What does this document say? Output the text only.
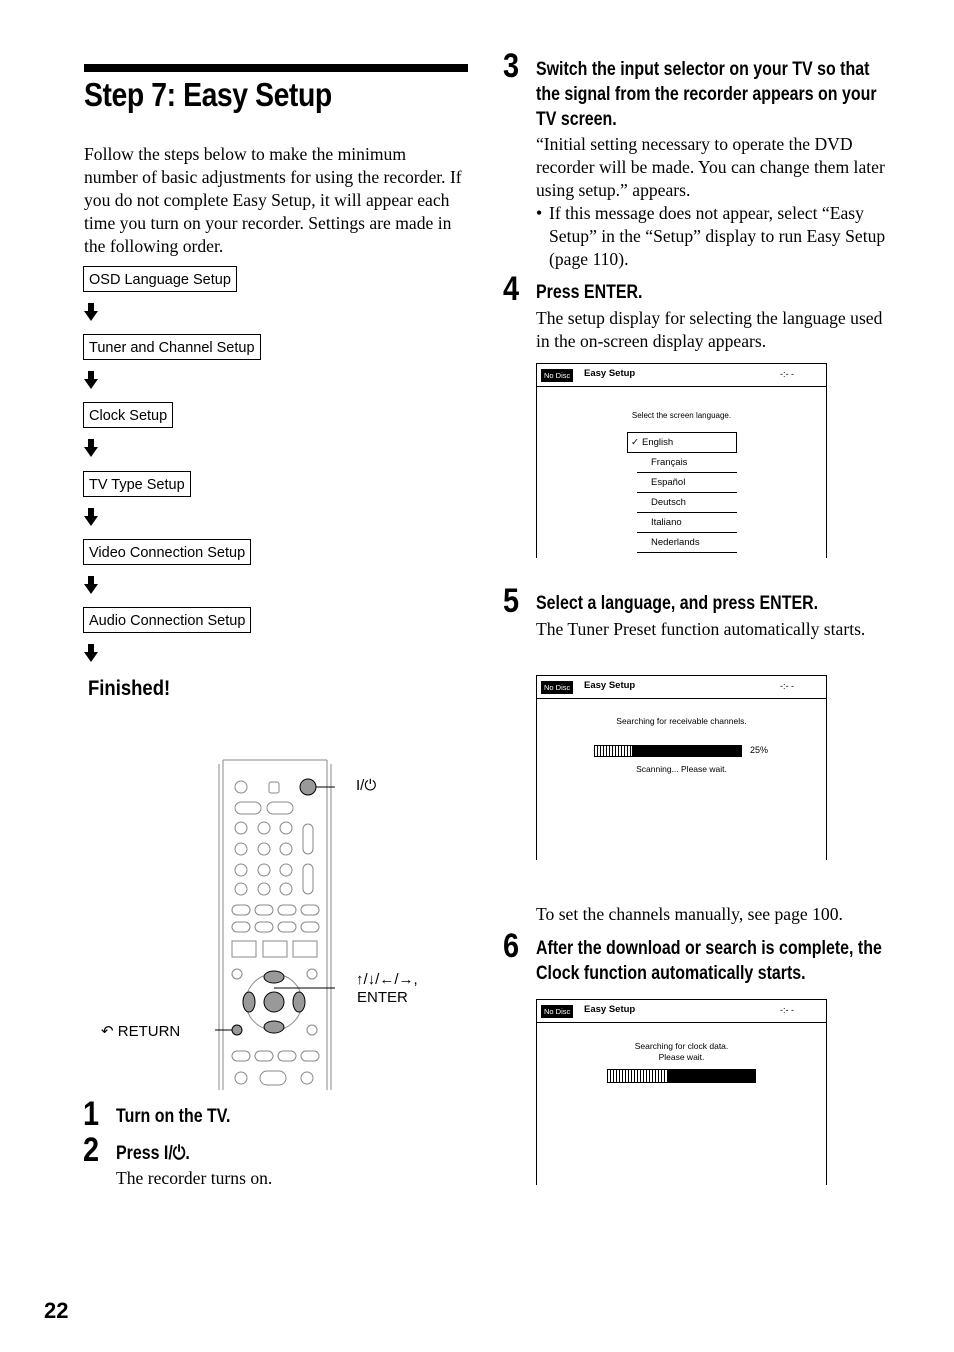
Step 7: Easy Setup
Follow the steps below to make the minimum number of basic adjustments for using the recorder. If you do not complete Easy Setup, it will appear each time you turn on your recorder. Settings are made in the following order.
OSD Language Setup
Tuner and Channel Setup
Clock Setup
TV Type Setup
Video Connection Setup
Audio Connection Setup
Finished!
I/⏻
↑/↓/←/→,
ENTER
↶ RETURN
1 Turn on the TV.
2 Press I/⏻.
The recorder turns on.
22
3 Switch the input selector on your TV so that the signal from the recorder appears on your TV screen.
“Initial setting necessary to operate the DVD recorder will be made. You can change them later using setup.” appears.
• If this message does not appear, select “Easy Setup” in the “Setup” display to run Easy Setup (page 110).
4 Press ENTER.
The setup display for selecting the language used in the on-screen display appears.
No Disc	Easy Setup	-:- -
Select the screen language.
✓ English
Français
Español
Deutsch
Italiano
Nederlands
5 Select a language, and press ENTER.
The Tuner Preset function automatically starts.
No Disc	Easy Setup	-:- -
Searching for receivable channels.
25%
Scanning... Please wait.
To set the channels manually, see page 100.
6 After the download or search is complete, the Clock function automatically starts.
No Disc	Easy Setup	-:- -
Searching for clock data.
Please wait.
